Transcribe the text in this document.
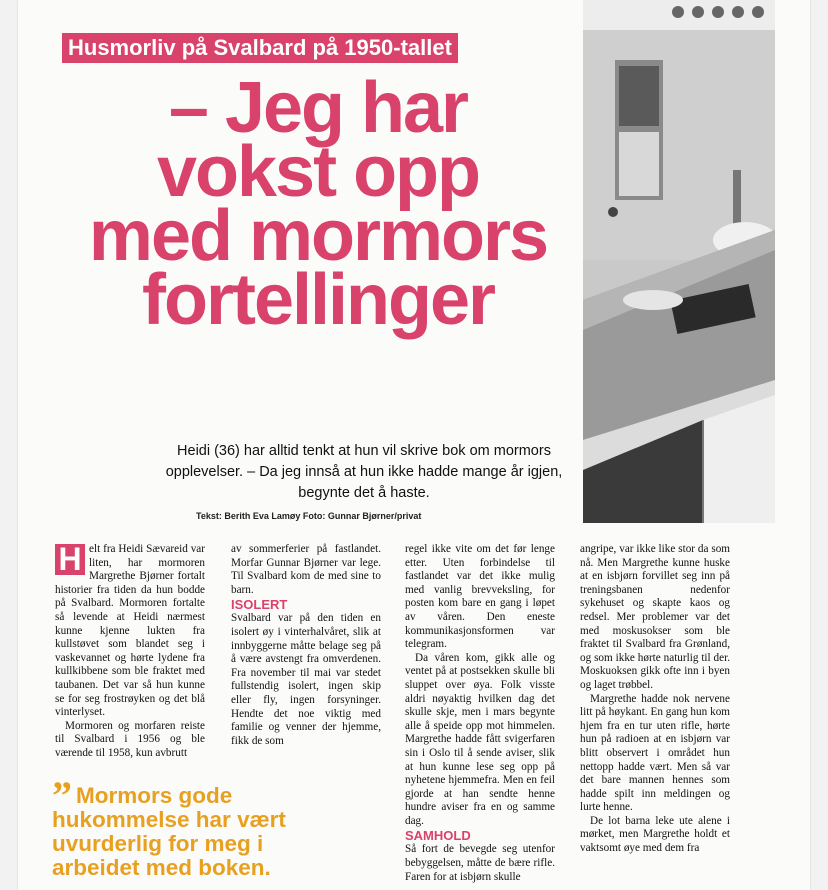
Husmorliv på Svalbard på 1950-tallet
– Jeg har
vokst opp
med mormors
fortellinger
Heidi (36) har alltid tenkt at hun vil skrive bok om mormors opplevelser. – Da jeg innså at hun ikke hadde mange år igjen, begynte det å haste.
Tekst: Berith Eva Lamøy Foto: Gunnar Bjørner/privat

H elt fra Heidi Sævareid var liten, har mormoren Margrethe Bjørner fortalt historier fra tiden da hun bodde på Svalbard. Mormoren fortalte så levende at Heidi nærmest kunne kjenne lukten fra kullstøvet som blandet seg i vaskevannet og hørte lydene fra kullkibbene som ble fraktet med taubanen. Det var så hun kunne se for seg frostrøyken og det blå vinterlyset.

Mormoren og morfaren reiste til Svalbard i 1956 og ble værende til 1958, kun avbrutt

av sommerferier på fastlandet. Morfar Gunnar Bjørner var lege. Til Svalbard kom de med sine to barn.

ISOLERT

Svalbard var på den tiden en isolert øy i vinterhalvåret, slik at innbyggerne måtte belage seg på å være avstengt fra omverdenen. Fra november til mai var stedet fullstendig isolert, ingen skip eller fly, ingen forsyninger. Hendte det noe viktig med familie og venner der hjemme, fikk de som

regel ikke vite om det før lenge etter. Uten forbindelse til fastlandet var det ikke mulig med vanlig brevveksling, for posten kom bare en gang i løpet av våren. Den eneste kommunikasjonsformen var telegram.

Da våren kom, gikk alle og ventet på at postsekken skulle bli sluppet over øya. Folk visste aldri nøyaktig hvilken dag det skulle skje, men i mars begynte alle å speide opp mot himmelen. Margrethe hadde fått svigerfaren sin i Oslo til å sende aviser, slik at hun kunne lese seg opp på nyhetene hjemmefra. Men en feil gjorde at han sendte henne hundre aviser fra en og samme dag.

SAMHOLD

Så fort de bevegde seg utenfor bebyggelsen, måtte de bære rifle. Faren for at isbjørn skulle

angripe, var ikke like stor da som nå. Men Margrethe kunne huske at en isbjørn forvillet seg inn på treningsbanen nedenfor sykehuset og skapte kaos og redsel. Mer problemer var det med moskusokser som ble fraktet til Svalbard fra Grønland, og som ikke hørte naturlig til der. Moskuoksen gikk ofte inn i byen og laget trøbbel.

Margrethe hadde nok nervene litt på høykant. En gang hun kom hjem fra en tur uten rifle, hørte hun på radioen at en isbjørn var blitt observert i området hun nettopp hadde vært. Men så var det bare mannen hennes som hadde spilt inn meldingen og lurte henne.

De lot barna leke ute alene i mørket, men Margrethe holdt et vaktsomt øye med dem fra

” Mormors gode hukommelse har vært uvurderlig for meg i arbeidet med boken.
